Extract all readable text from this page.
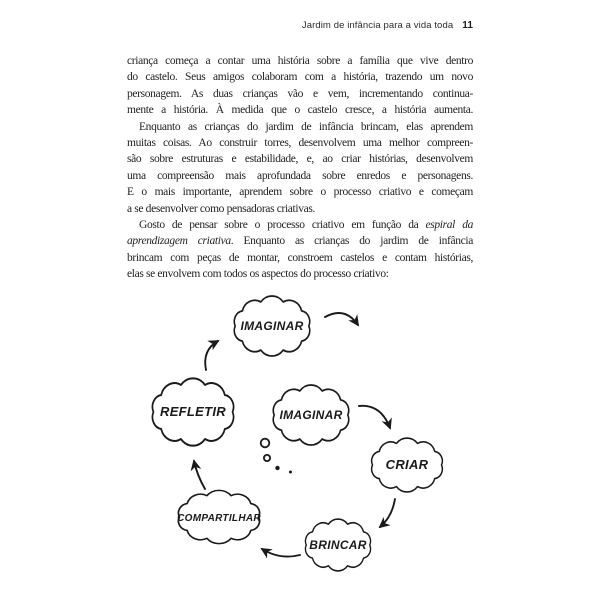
Jardim de infância para a vida toda 11
criança começa a contar uma história sobre a família que vive dentro
do castelo. Seus amigos colaboram com a história, trazendo um novo
personagem. As duas crianças vão e vem, incrementando continua-
mente a história. À medida que o castelo cresce, a história aumenta.
Enquanto as crianças do jardim de infância brincam, elas aprendem
muitas coisas. Ao construir torres, desenvolvem uma melhor compreen-
são sobre estruturas e estabilidade, e, ao criar histórias, desenvolvem
uma compreensão mais aprofundada sobre enredos e personagens.
E o mais importante, aprendem sobre o processo criativo e começam
a se desenvolver como pensadoras criativas.
Gosto de pensar sobre o processo criativo em função da espiral da
aprendizagem criativa. Enquanto as crianças do jardim de infância
brincam com peças de montar, constroem castelos e contam histórias,
elas se envolvem com todos os aspectos do processo criativo:
IMAGINAR
REFLETIR	IMAGINAR
CRIAR
COMPARTILHAR
BRINCAR
